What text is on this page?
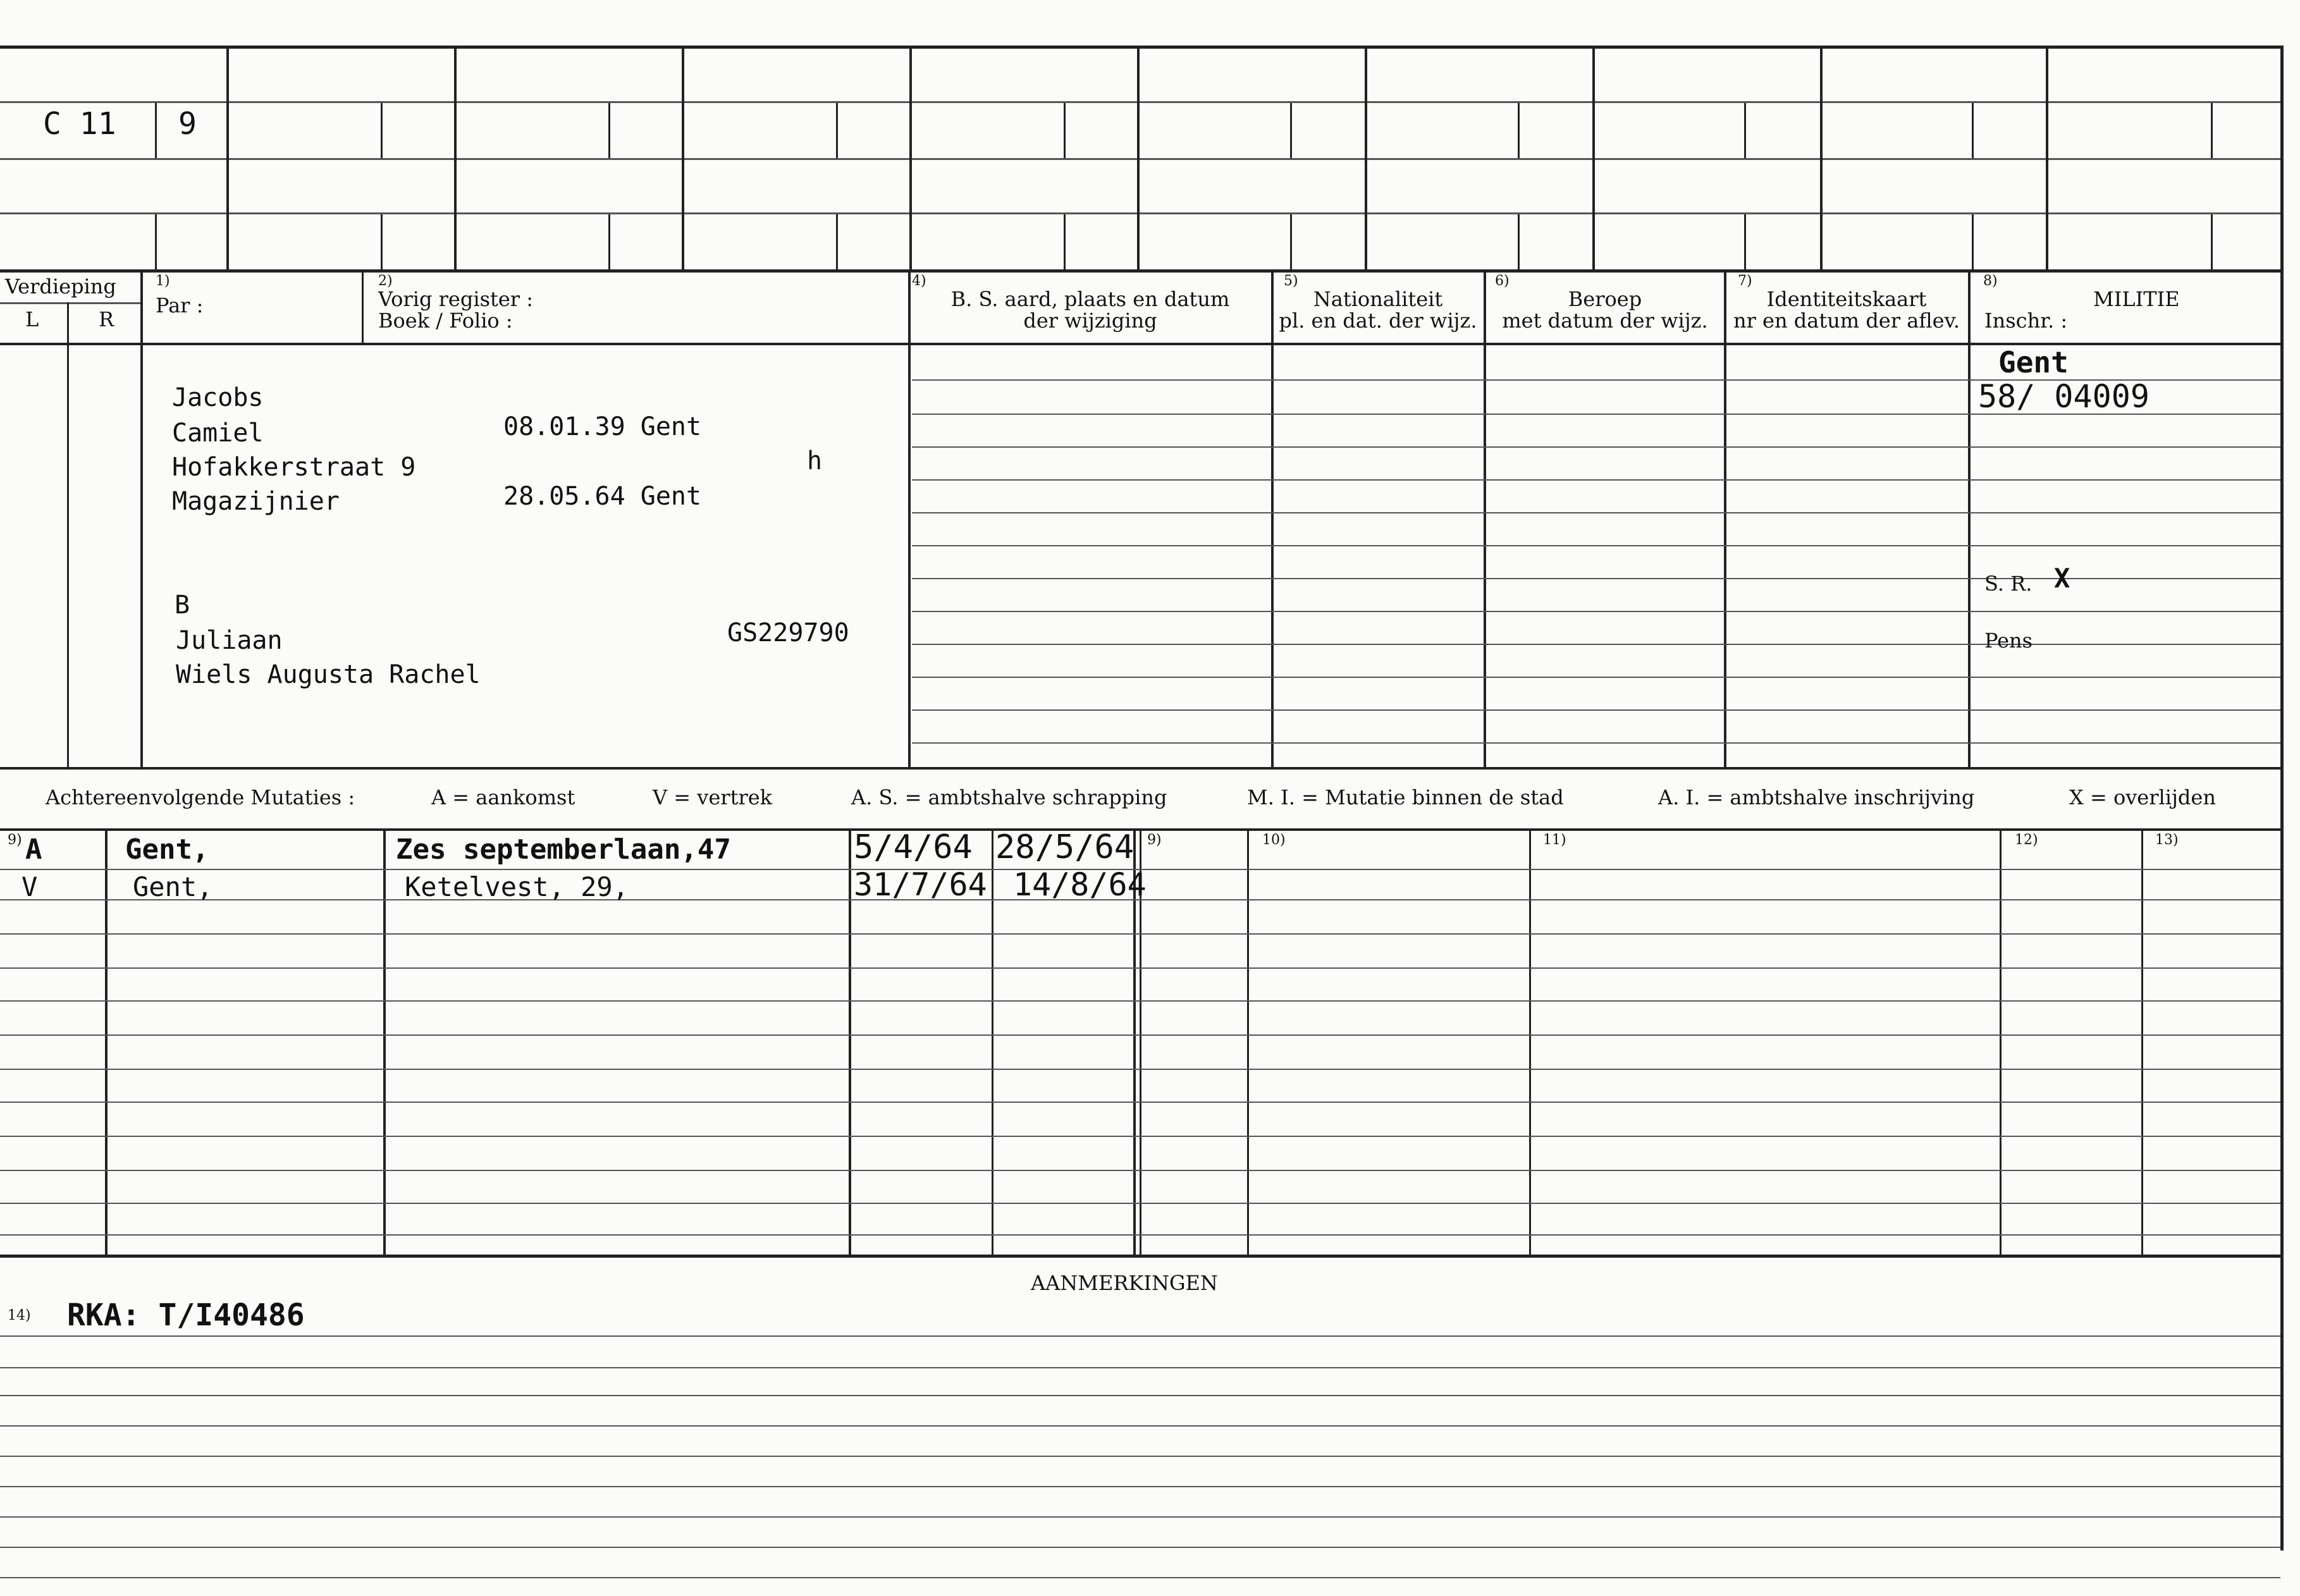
C 11 9
Verdieping
L	R
1)
Par :
2)
Vorig register :
Boek / Folio :
4)
B. S. aard, plaats en datum
der wijziging
5)
Nationaliteit
pl. en dat. der wijz.
6)
Beroep
met datum der wijz.
7)
Identiteitskaart
nr en datum der aflev.
8)
MILITIE
Inschr. :
Jacobs
Camiel
Hofakkerstraat 9
Magazijnier
08.01.39 Gent
28.05.64 Gent
h
B
Juliaan
Wiels Augusta Rachel
GS229790
Gent
58/ 04009
S. R. X
Pens
Achtereenvolgende Mutaties :	A = aankomst	V = vertrek	A. S. = ambtshalve schrapping	M. I. = Mutatie binnen de stad	A. I. = ambtshalve inschrijving	X = overlijden
9)	9)	10)	11)	12)	13)
A	Gent,	Zes septemberlaan,47	5/4/64 28/5/64
V	Gent,	Ketelvest, 29,	31/7/64 14/8/64
AANMERKINGEN
14) RKA: T/I40486
